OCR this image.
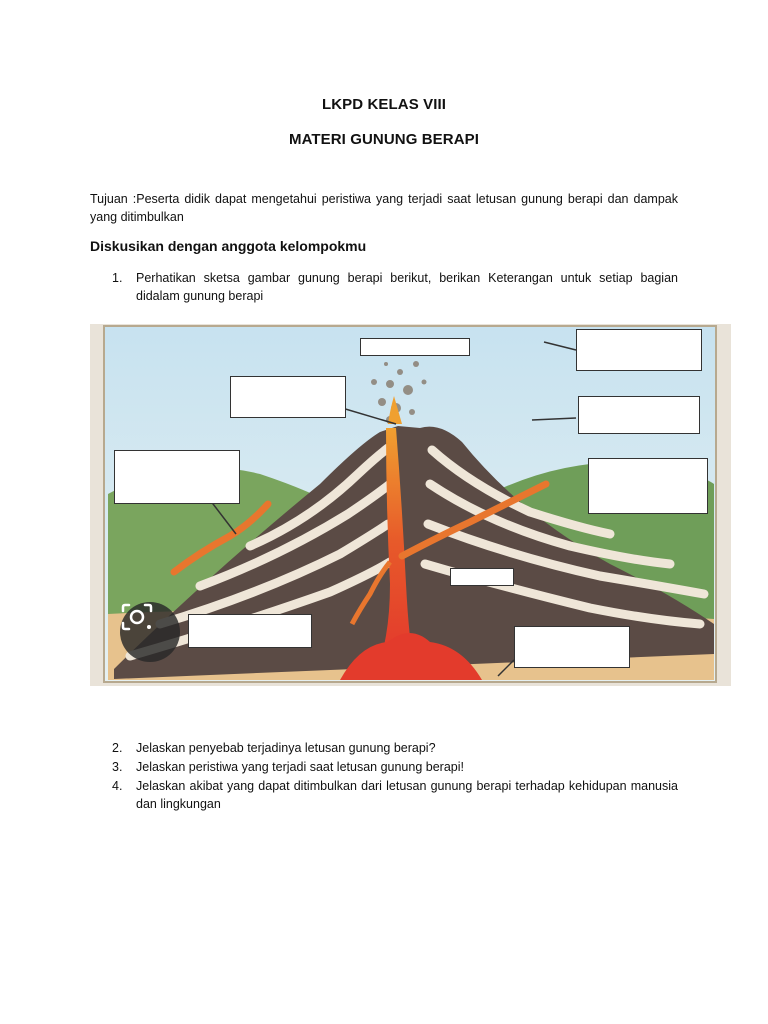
LKPD KELAS VIII
MATERI GUNUNG BERAPI
Tujuan :Peserta didik dapat mengetahui peristiwa yang terjadi saat letusan gunung berapi dan dampak yang ditimbulkan
Diskusikan dengan anggota kelompokmu
1. Perhatikan sketsa gambar gunung berapi berikut, berikan Keterangan untuk setiap bagian didalam gunung berapi
2. Jelaskan penyebab terjadinya letusan gunung berapi?
3. Jelaskan peristiwa yang terjadi saat letusan gunung berapi!
4. Jelaskan akibat yang dapat ditimbulkan dari letusan gunung berapi terhadap kehidupan manusia dan lingkungan
